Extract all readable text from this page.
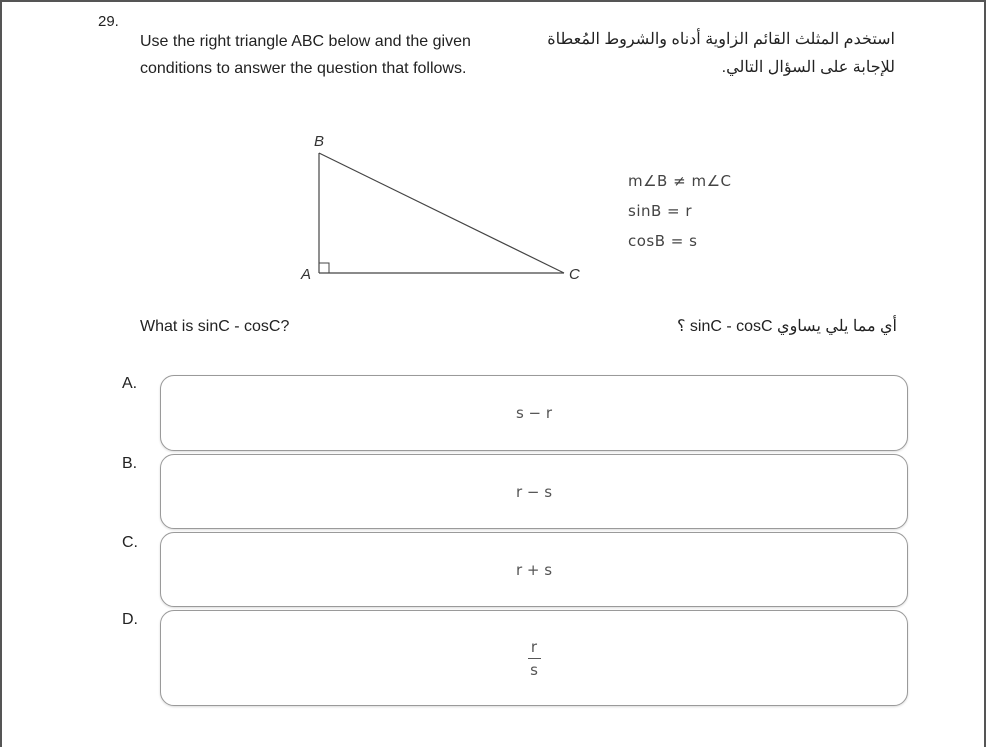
29.
Use the right triangle ABC below and the given conditions to answer the question that follows.
استخدم المثلث القائم الزاوية أدناه والشروط المُعطاة للإجابة على السؤال التالي.
B
A	C
m∠B ≠ m∠C
sinB = r
cosB = s
What is sinC - cosC?	أي مما يلي يساوي sinC - cosC ؟
A.
s − r
B.
r − s
C.
r + s
D.
$\frac{r}{s}$
